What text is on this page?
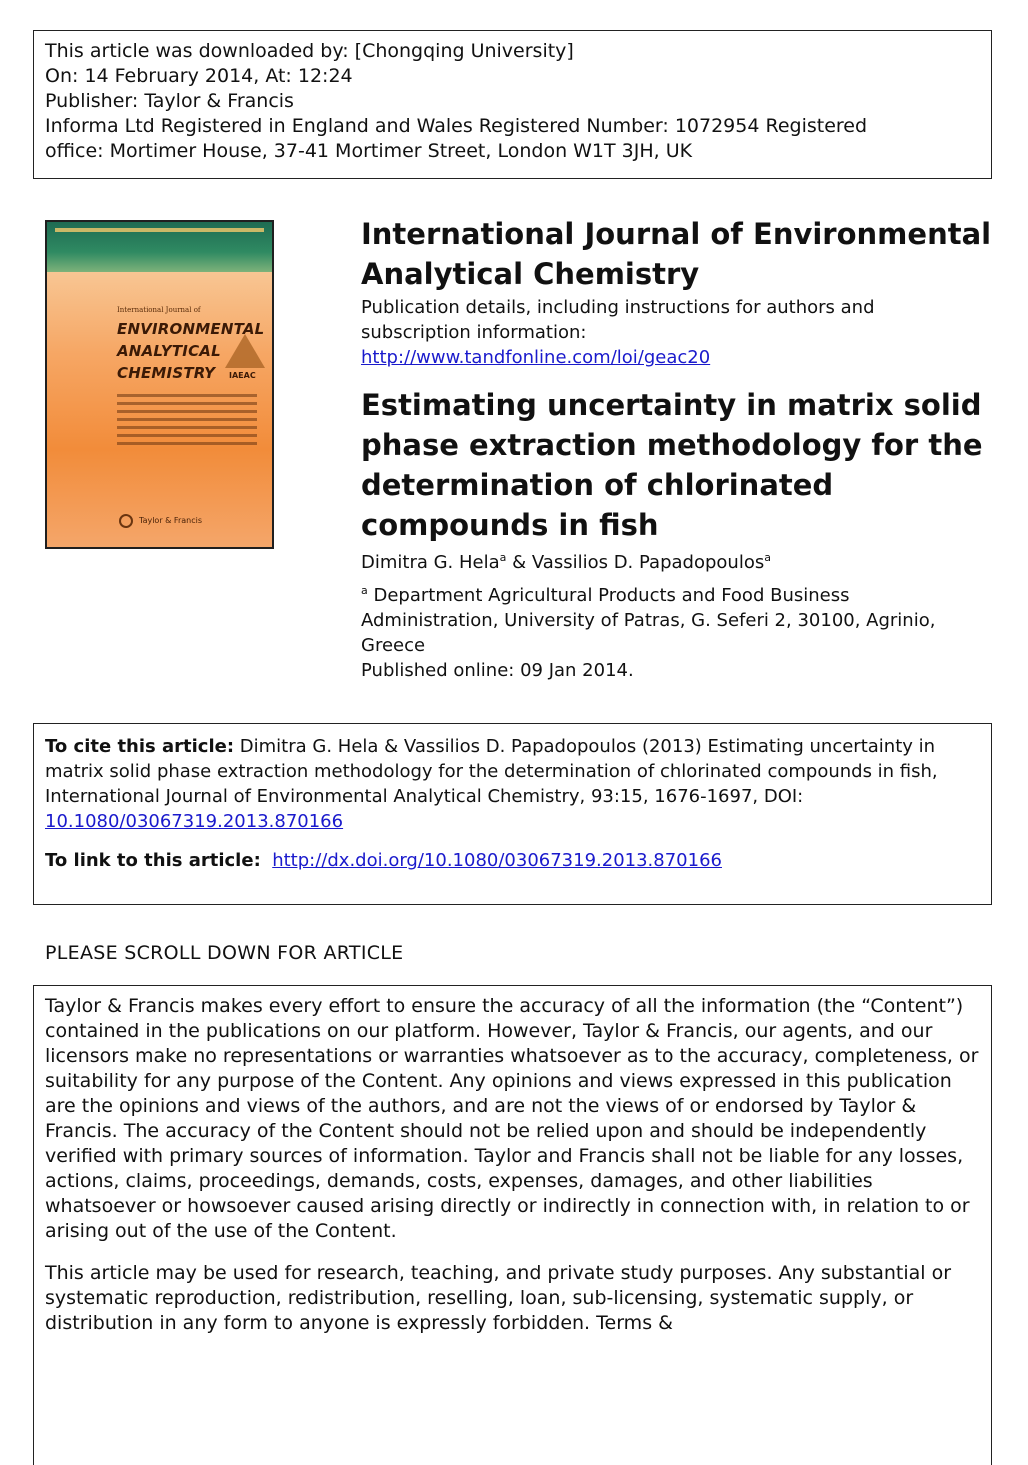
This article was downloaded by: [Chongqing University]
On: 14 February 2014, At: 12:24
Publisher: Taylor & Francis
Informa Ltd Registered in England and Wales Registered Number: 1072954 Registered
office: Mortimer House, 37-41 Mortimer Street, London W1T 3JH, UK
International Journal of
ENVIRONMENTAL
ANALYTICAL
CHEMISTRY IAEAC
Taylor & Francis
International Journal of Environmental Analytical Chemistry
Publication details, including instructions for authors and subscription information:
http://www.tandfonline.com/loi/geac20
Estimating uncertainty in matrix solid phase extraction methodology for the determination of chlorinated compounds in fish
Dimitra G. Hela$^a$ & Vassilios D. Papadopoulos$^a$
$^a$ Department Agricultural Products and Food Business Administration, University of Patras, G. Seferi 2, 30100, Agrinio, Greece
Published online: 09 Jan 2014.
To cite this article: Dimitra G. Hela & Vassilios D. Papadopoulos (2013) Estimating uncertainty in matrix solid phase extraction methodology for the determination of chlorinated compounds in fish, International Journal of Environmental Analytical Chemistry, 93:15, 1676-1697, DOI:
10.1080/03067319.2013.870166
To link to this article: http://dx.doi.org/10.1080/03067319.2013.870166
PLEASE SCROLL DOWN FOR ARTICLE

Taylor & Francis makes every effort to ensure the accuracy of all the information (the “Content”) contained in the publications on our platform. However, Taylor & Francis, our agents, and our licensors make no representations or warranties whatsoever as to the accuracy, completeness, or suitability for any purpose of the Content. Any opinions and views expressed in this publication are the opinions and views of the authors, and are not the views of or endorsed by Taylor & Francis. The accuracy of the Content should not be relied upon and should be independently verified with primary sources of information. Taylor and Francis shall not be liable for any losses, actions, claims, proceedings, demands, costs, expenses, damages, and other liabilities whatsoever or howsoever caused arising directly or indirectly in connection with, in relation to or arising out of the use of the Content.

This article may be used for research, teaching, and private study purposes. Any substantial or systematic reproduction, redistribution, reselling, loan, sub-licensing, systematic supply, or distribution in any form to anyone is expressly forbidden. Terms &
